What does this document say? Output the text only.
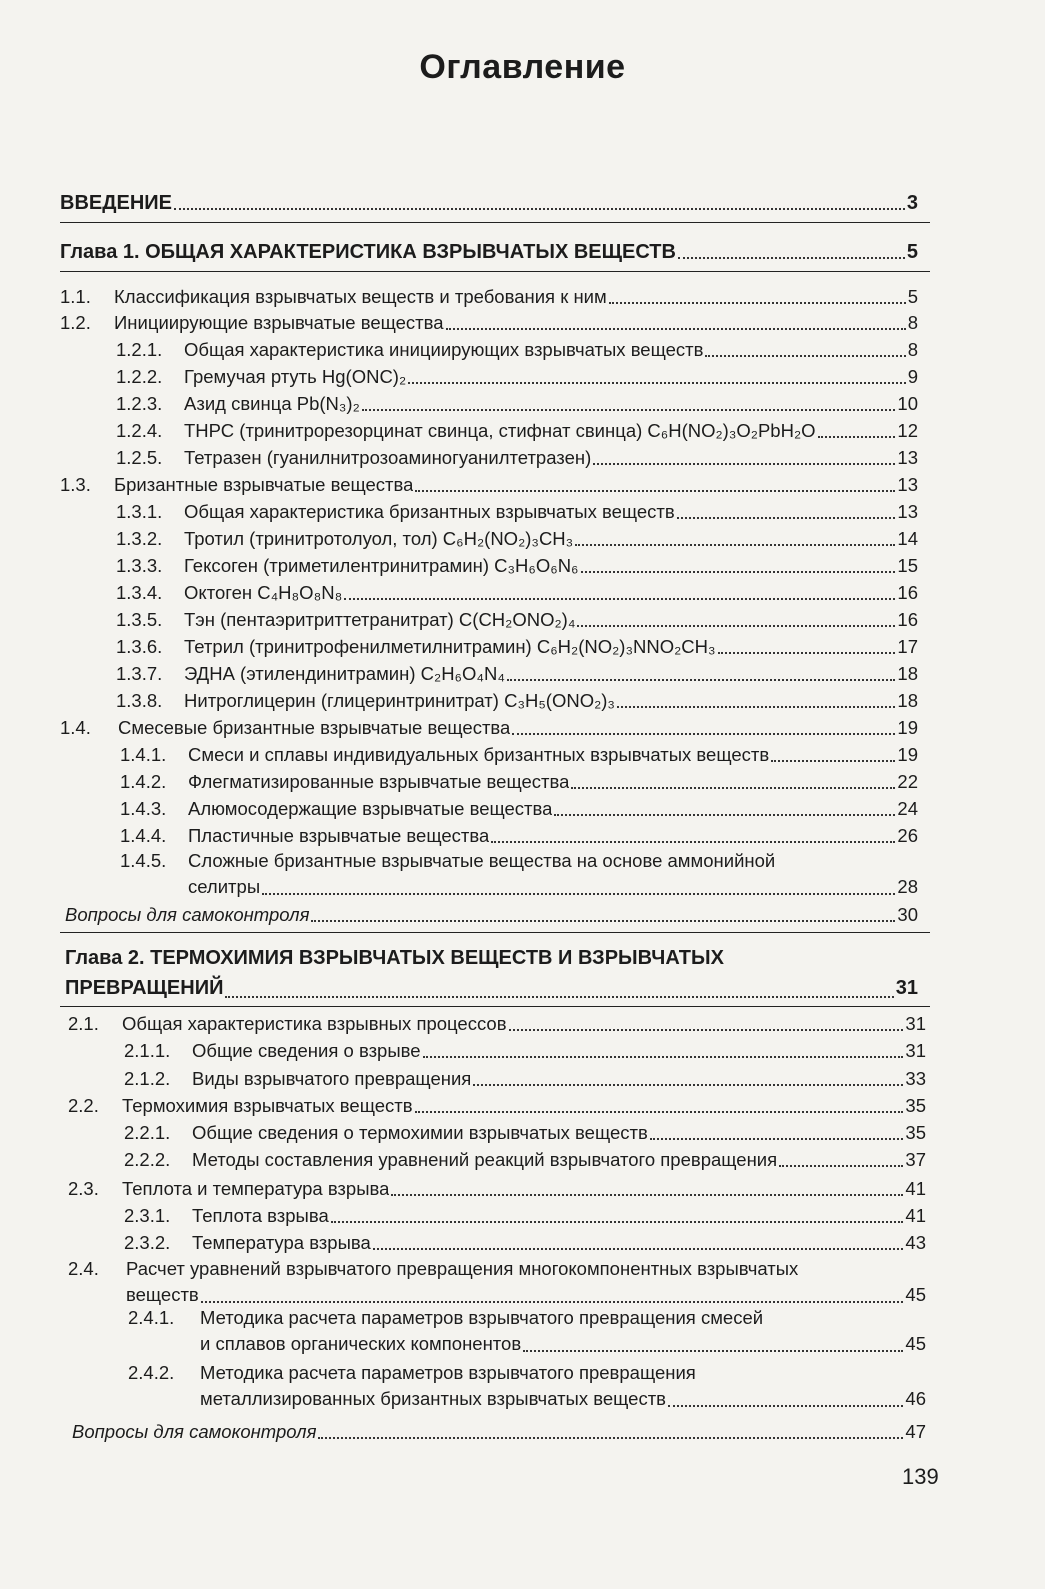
Оглавление
ВВЕДЕНИЕ	3
Глава 1. ОБЩАЯ ХАРАКТЕРИСТИКА ВЗРЫВЧАТЫХ ВЕЩЕСТВ	5
1.1.	Классификация взрывчатых веществ и требования к ним	5
1.2.	Инициирующие взрывчатые вещества	8
1.2.1.	Общая характеристика инициирующих взрывчатых веществ	8
1.2.2.	Гремучая ртуть Hg(ONC)₂	9
1.2.3.	Азид свинца Pb(N₃)₂	10
1.2.4.	ТНРС (тринитрорезорцинат свинца, стифнат свинца) C₆H(NO₂)₃O₂PbH₂O	12
1.2.5.	Тетразен (гуанилнитрозоаминогуанилтетразен)	13
1.3.	Бризантные взрывчатые вещества	13
1.3.1.	Общая характеристика бризантных взрывчатых веществ	13
1.3.2.	Тротил (тринитротолуол, тол) C₆H₂(NO₂)₃CH₃	14
1.3.3.	Гексоген (триметилентринитрамин) C₃H₆O₆N₆	15
1.3.4.	Октоген C₄H₈O₈N₈	16
1.3.5.	Тэн (пентаэритриттетранитрат) C(CH₂ONO₂)₄	16
1.3.6.	Тетрил (тринитрофенилметилнитрамин) C₆H₂(NO₂)₃NNO₂CH₃	17
1.3.7.	ЭДНА (этилендинитрамин) C₂H₆O₄N₄	18
1.3.8.	Нитроглицерин (глицеринтринитрат) C₃H₅(ONO₂)₃	18
1.4.	Смесевые бризантные взрывчатые вещества	19
1.4.1.	Смеси и сплавы индивидуальных бризантных взрывчатых веществ	19
1.4.2.	Флегматизированные взрывчатые вещества	22
1.4.3.	Алюмосодержащие взрывчатые вещества	24
1.4.4.	Пластичные взрывчатые вещества	26
1.4.5.	Сложные бризантные взрывчатые вещества на основе аммонийной
селитры	28
Вопросы для самоконтроля	30
Глава 2. ТЕРМОХИМИЯ ВЗРЫВЧАТЫХ ВЕЩЕСТВ И ВЗРЫВЧАТЫХ
ПРЕВРАЩЕНИЙ	31
2.1.	Общая характеристика взрывных процессов	31
2.1.1.	Общие сведения о взрыве	31
2.1.2.	Виды взрывчатого превращения	33
2.2.	Термохимия взрывчатых веществ	35
2.2.1.	Общие сведения о термохимии взрывчатых веществ	35
2.2.2.	Методы составления уравнений реакций взрывчатого превращения	37
2.3.	Теплота и температура взрыва	41
2.3.1.	Теплота взрыва	41
2.3.2.	Температура взрыва	43
2.4.	Расчет уравнений взрывчатого превращения многокомпонентных взрывчатых
веществ	45
2.4.1.	Методика расчета параметров взрывчатого превращения смесей
и сплавов органических компонентов	45
2.4.2.	Методика расчета параметров взрывчатого превращения
металлизированных бризантных взрывчатых веществ	46
Вопросы для самоконтроля	47
139
